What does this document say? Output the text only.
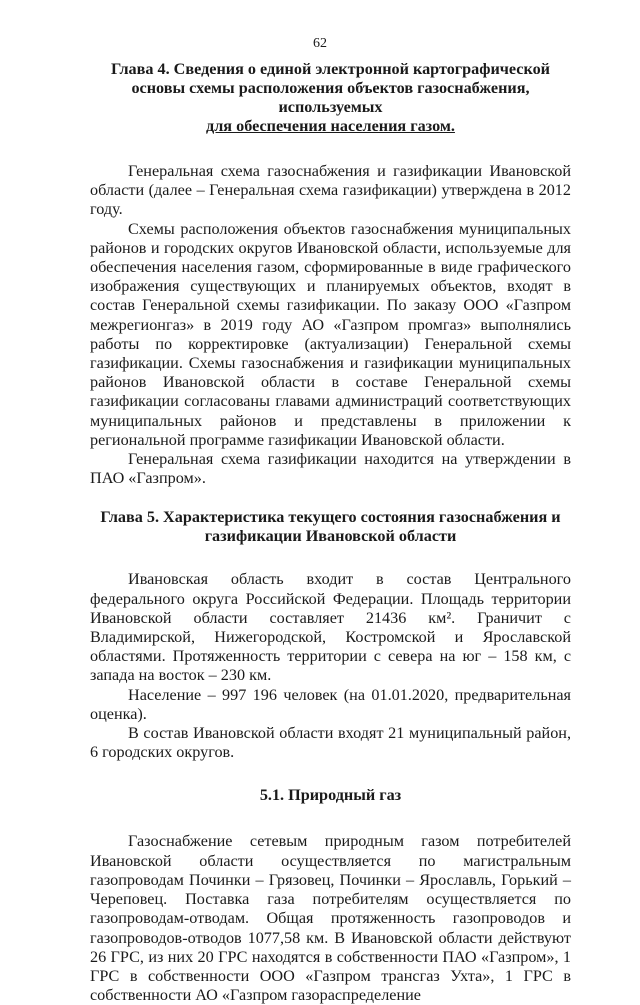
62
Глава 4. Сведения о единой электронной картографической
основы схемы расположения объектов газоснабжения, используемых
для обеспечения населения газом.

Генеральная схема газоснабжения и газификации Ивановской области (далее – Генеральная схема газификации) утверждена в 2012 году.

Схемы расположения объектов газоснабжения муниципальных районов и городских округов Ивановской области, используемые для обеспечения населения газом, сформированные в виде графического изображения существующих и планируемых объектов, входят в состав Генеральной схемы газификации. По заказу ООО «Газпром межрегионгаз» в 2019 году АО «Газпром промгаз» выполнялись работы по корректировке (актуализации) Генеральной схемы газификации. Схемы газоснабжения и газификации муниципальных районов Ивановской области в составе Генеральной схемы газификации согласованы главами администраций соответствующих муниципальных районов и представлены в приложении к региональной программе газификации Ивановской области.

Генеральная схема газификации находится на утверждении в ПАО «Газпром».

Глава 5. Характеристика текущего состояния газоснабжения и
газификации Ивановской области

Ивановская область входит в состав Центрального федерального округа Российской Федерации. Площадь территории Ивановской области составляет 21436 км². Граничит с Владимирской, Нижегородской, Костромской и Ярославской областями. Протяженность территории с севера на юг – 158 км, с запада на восток – 230 км.

Население – 997 196 человек (на 01.01.2020, предварительная оценка).

В состав Ивановской области входят 21 муниципальный район, 6 городских округов.

5.1. Природный газ

Газоснабжение сетевым природным газом потребителей Ивановской области осуществляется по магистральным газопроводам Починки – Грязовец, Починки – Ярославль, Горький – Череповец. Поставка газа потребителям осуществляется по газопроводам-отводам. Общая протяженность газопроводов и газопроводов-отводов 1077,58 км. В Ивановской области действуют 26 ГРС, из них 20 ГРС находятся в собственности ПАО «Газпром», 1 ГРС в собственности ООО «Газпром трансгаз Ухта», 1 ГРС в собственности АО «Газпром газораспределение
